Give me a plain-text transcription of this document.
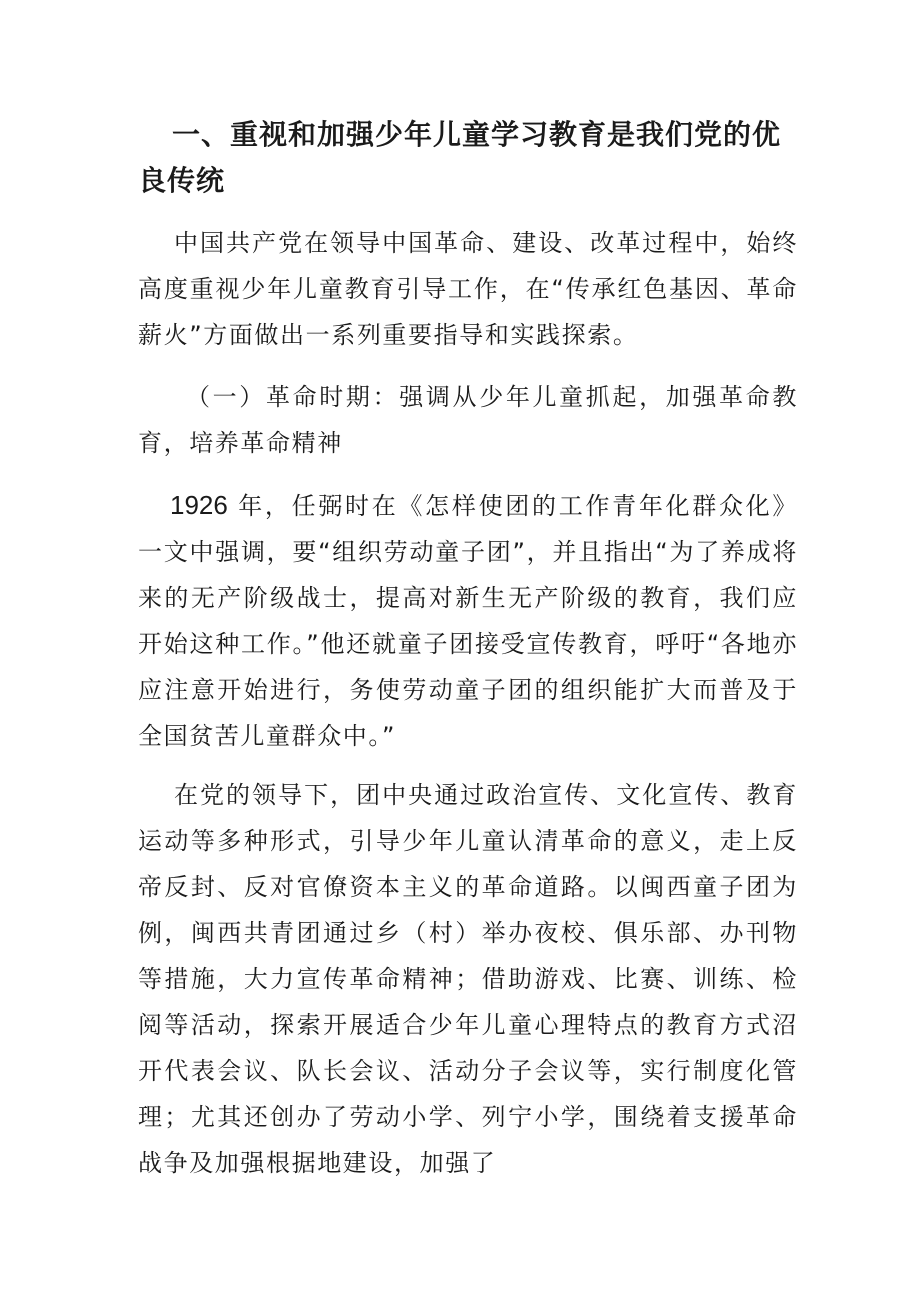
一、重视和加强少年儿童学习教育是我们党的优良传统

中国共产党在领导中国革命、建设、改革过程中，始终高度重视少年儿童教育引导工作，在“传承红色基因、革命薪火”方面做出一系列重要指导和实践探索。

（一）革命时期：强调从少年儿童抓起，加强革命教育，培养革命精神

1926 年，任弼时在《怎样使团的工作青年化群众化》一文中强调，要“组织劳动童子团”，并且指出“为了养成将来的无产阶级战士，提高对新生无产阶级的教育，我们应开始这种工作。”他还就童子团接受宣传教育，呼吁“各地亦应注意开始进行，务使劳动童子团的组织能扩大而普及于全国贫苦儿童群众中。”

在党的领导下，团中央通过政治宣传、文化宣传、教育运动等多种形式，引导少年儿童认清革命的意义，走上反帝反封、反对官僚资本主义的革命道路。以闽西童子团为例，闽西共青团通过乡（村）举办夜校、俱乐部、办刊物等措施，大力宣传革命精神；借助游戏、比赛、训练、检阅等活动，探索开展适合少年儿童心理特点的教育方式沼开代表会议、队长会议、活动分子会议等，实行制度化管理；尤其还创办了劳动小学、列宁小学，围绕着支援革命战争及加强根据地建设，加强了
